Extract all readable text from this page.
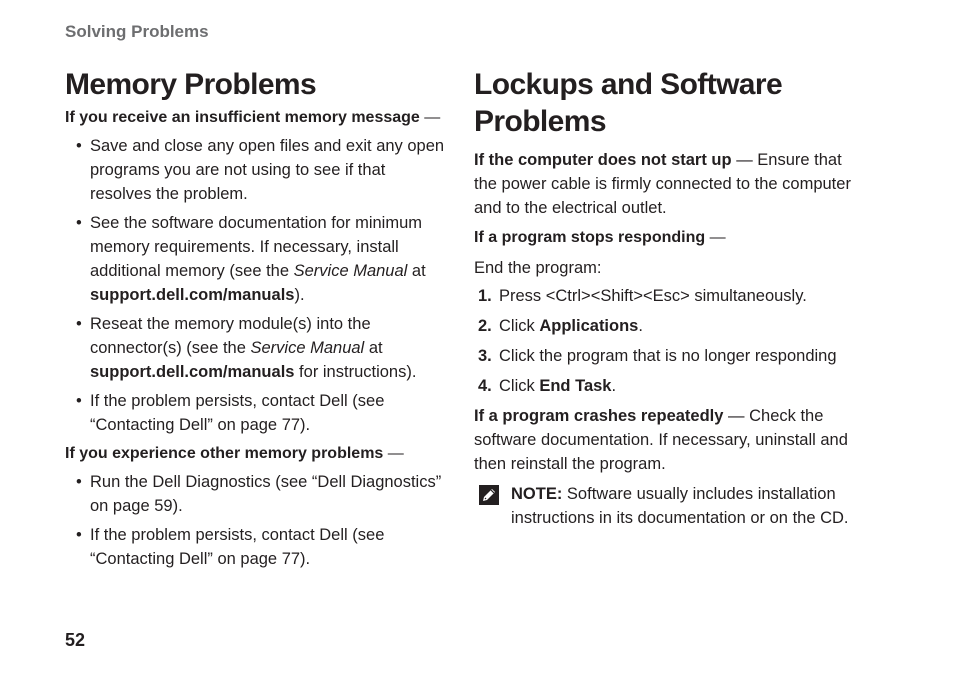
Solving Problems
Memory Problems

If you receive an insufficient memory message —

• Save and close any open files and exit any open programs you are not using to see if that resolves the problem.
• See the software documentation for minimum memory requirements. If necessary, install additional memory (see the Service Manual at support.dell.com/manuals).
• Reseat the memory module(s) into the connector(s) (see the Service Manual at support.dell.com/manuals for instructions).
• If the problem persists, contact Dell (see “Contacting Dell” on page 77).

If you experience other memory problems —

• Run the Dell Diagnostics (see “Dell Diagnostics” on page 59).
• If the problem persists, contact Dell (see “Contacting Dell” on page 77).
Lockups and Software
Problems

If the computer does not start up — Ensure that the power cable is firmly connected to the computer and to the electrical outlet.

If a program stops responding —

End the program:

1. Press <Ctrl><Shift><Esc> simultaneously.
2. Click Applications.
3. Click the program that is no longer responding
4. Click End Task.

If a program crashes repeatedly — Check the software documentation. If necessary, uninstall and then reinstall the program.

NOTE: Software usually includes installation instructions in its documentation or on the CD.
52
